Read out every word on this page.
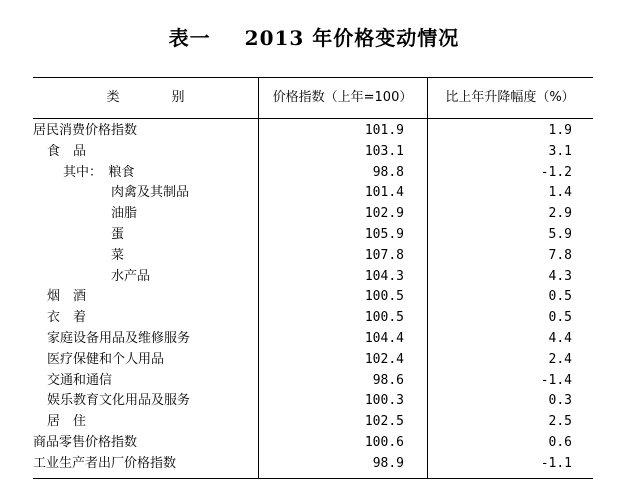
表一 2013 年价格变动情况
类　　　　别	价格指数（上年=100）	比上年升降幅度（%）
居民消费价格指数	101.9	1.9
食　品	103.1	3.1
其中：　粮食	98.8	-1.2
肉禽及其制品	101.4	1.4
油脂	102.9	2.9
蛋	105.9	5.9
菜	107.8	7.8
水产品	104.3	4.3
烟　酒	100.5	0.5
衣　着	100.5	0.5
家庭设备用品及维修服务	104.4	4.4
医疗保健和个人用品	102.4	2.4
交通和通信	98.6	-1.4
娱乐教育文化用品及服务	100.3	0.3
居　住	102.5	2.5
商品零售价格指数	100.6	0.6
工业生产者出厂价格指数	98.9	-1.1
